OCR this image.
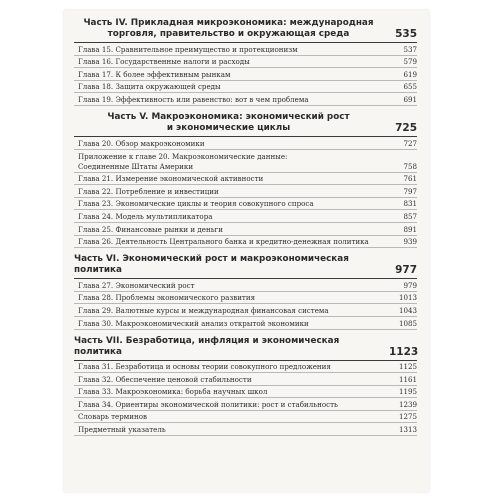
Часть IV. Прикладная микроэкономика: международная
торговля, правительство и окружающая среда	535
Глава 15. Сравнительное преимущество и протекционизм	537
Глава 16. Государственные налоги и расходы	579
Глава 17. К более эффективным рынкам	619
Глава 18. Защита окружающей среды	655
Глава 19. Эффективность или равенство: вот в чем проблема	691
Часть V. Макроэкономика: экономический рост
и экономические циклы	725
Глава 20. Обзор макроэкономики	727
Приложение к главе 20. Макроэкономические данные:
Соединенные Штаты Америки	758
Глава 21. Измерение экономической активности	761
Глава 22. Потребление и инвестиции	797
Глава 23. Экономические циклы и теория совокупного спроса	831
Глава 24. Модель мультипликатора	857
Глава 25. Финансовые рынки и деньги	891
Глава 26. Деятельность Центрального банка и кредитно-денежная политика	939
Часть VI. Экономический рост и макроэкономическая политика	977
Глава 27. Экономический рост	979
Глава 28. Проблемы экономического развития	1013
Глава 29. Валютные курсы и международная финансовая система	1043
Глава 30. Макроэкономический анализ открытой экономики	1085
Часть VII. Безработица, инфляция и экономическая политика	1123
Глава 31. Безработица и основы теории совокупного предложения	1125
Глава 32. Обеспечение ценовой стабильности	1161
Глава 33. Макроэкономика: борьба научных школ	1195
Глава 34. Ориентиры экономической политики: рост и стабильность	1239
Словарь терминов	1275
Предметный указатель	1313
